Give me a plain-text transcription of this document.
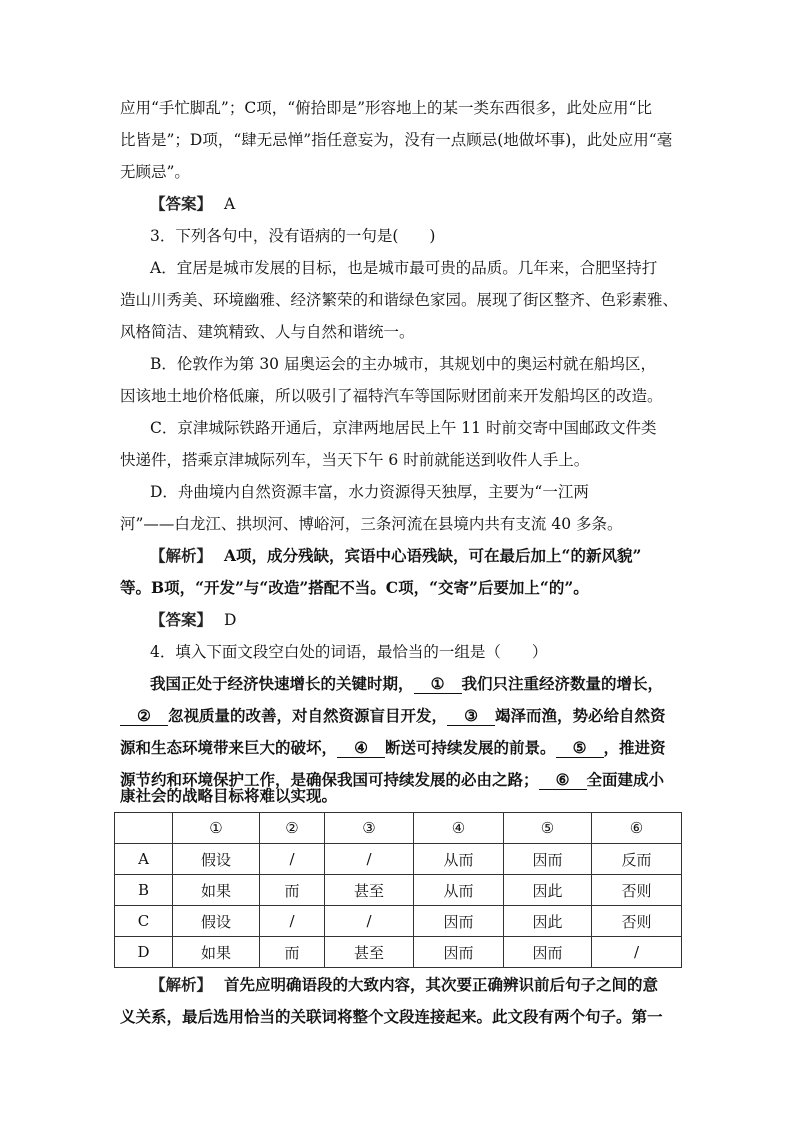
应用“手忙脚乱”；C项，“俯拾即是”形容地上的某一类东西很多，此处应用“比
比皆是”；D项，“肆无忌惮”指任意妄为，没有一点顾忌(地做坏事)，此处应用“毫
无顾忌”。
【答案】 A
3．下列各句中，没有语病的一句是(　　)
A．宜居是城市发展的目标，也是城市最可贵的品质。几年来，合肥坚持打
造山川秀美、环境幽雅、经济繁荣的和谐绿色家园。展现了街区整齐、色彩素雅、
风格简洁、建筑精致、人与自然和谐统一。
B．伦敦作为第 30 届奥运会的主办城市，其规划中的奥运村就在船坞区，
因该地土地价格低廉，所以吸引了福特汽车等国际财团前来开发船坞区的改造。
C．京津城际铁路开通后，京津两地居民上午 11 时前交寄中国邮政文件类
快递件，搭乘京津城际列车，当天下午 6 时前就能送到收件人手上。
D．舟曲境内自然资源丰富，水力资源得天独厚，主要为“一江两
河”——白龙江、拱坝河、博峪河，三条河流在县境内共有支流 40 多条。
【解析】 A项，成分残缺，宾语中心语残缺，可在最后加上“的新风貌”
等。B项，“开发”与“改造”搭配不当。C项，“交寄”后要加上“的”。
【答案】 D
4．填入下面文段空白处的词语，最恰当的一组是（　　）
我国正处于经济快速增长的关键时期， ① 我们只注重经济数量的增长，
② 忽视质量的改善，对自然资源盲目开发， ③ 竭泽而渔，势必给自然资
源和生态环境带来巨大的破坏， ④ 断送可持续发展的前景。 ⑤ ，推进资
源节约和环境保护工作，是确保我国可持续发展的必由之路； ⑥ 全面建成小
	①	②	③	④	⑤	⑥
A	假设	/	/	从而	因而	反而
B	如果	而	甚至	从而	因此	否则
C	假设	/	/	因而	因此	否则
D	如果	而	甚至	因而	因而	/
【解析】 首先应明确语段的大致内容，其次要正确辨识前后句子之间的意
义关系，最后选用恰当的关联词将整个文段连接起来。此文段有两个句子。第一
康社会的战略目标将难以实现。
